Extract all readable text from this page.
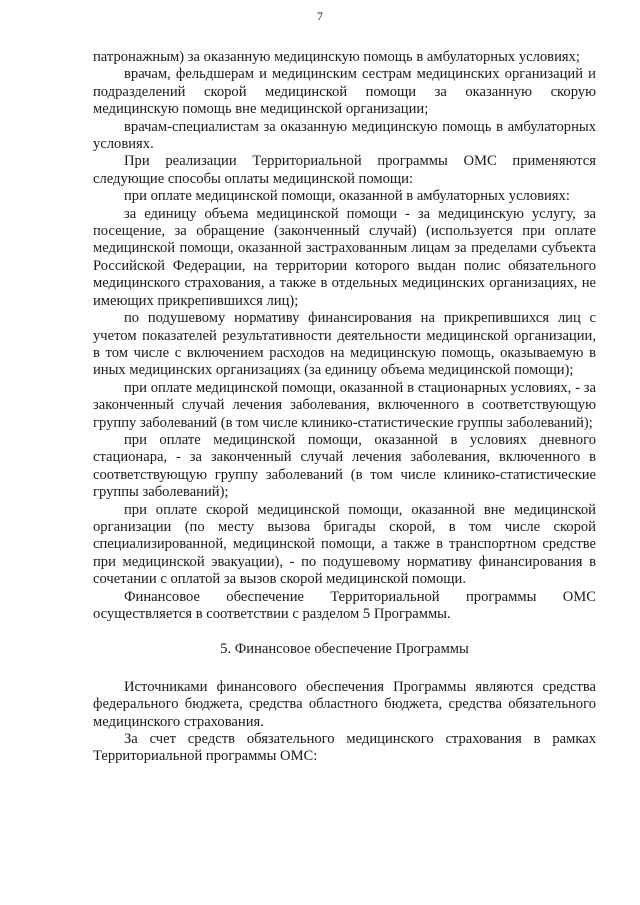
7

патронажным) за оказанную медицинскую помощь в амбулаторных условиях;

врачам, фельдшерам и медицинским сестрам медицинских организаций и подразделений скорой медицинской помощи за оказанную скорую медицинскую помощь вне медицинской организации;

врачам-специалистам за оказанную медицинскую помощь в амбулаторных условиях.

При реализации Территориальной программы ОМС применяются следующие способы оплаты медицинской помощи:

при оплате медицинской помощи, оказанной в амбулаторных условиях:

за единицу объема медицинской помощи - за медицинскую услугу, за посещение, за обращение (законченный случай) (используется при оплате медицинской помощи, оказанной застрахованным лицам за пределами субъекта Российской Федерации, на территории которого выдан полис обязательного медицинского страхования, а также в отдельных медицинских организациях, не имеющих прикрепившихся лиц);

по подушевому нормативу финансирования на прикрепившихся лиц с учетом показателей результативности деятельности медицинской организации, в том числе с включением расходов на медицинскую помощь, оказываемую в иных медицинских организациях (за единицу объема медицинской помощи);

при оплате медицинской помощи, оказанной в стационарных условиях, - за законченный случай лечения заболевания, включенного в соответствующую группу заболеваний (в том числе клинико-статистические группы заболеваний);

при оплате медицинской помощи, оказанной в условиях дневного стационара, - за законченный случай лечения заболевания, включенного в соответствующую группу заболеваний (в том числе клинико-статистические группы заболеваний);

при оплате скорой медицинской помощи, оказанной вне медицинской организации (по месту вызова бригады скорой, в том числе скорой специализированной, медицинской помощи, а также в транспортном средстве при медицинской эвакуации), - по подушевому нормативу финансирования в сочетании с оплатой за вызов скорой медицинской помощи.

Финансовое обеспечение Территориальной программы ОМС осуществляется в соответствии с разделом 5 Программы.

5. Финансовое обеспечение Программы

Источниками финансового обеспечения Программы являются средства федерального бюджета, средства областного бюджета, средства обязательного медицинского страхования.

За счет средств обязательного медицинского страхования в рамках Территориальной программы ОМС:
